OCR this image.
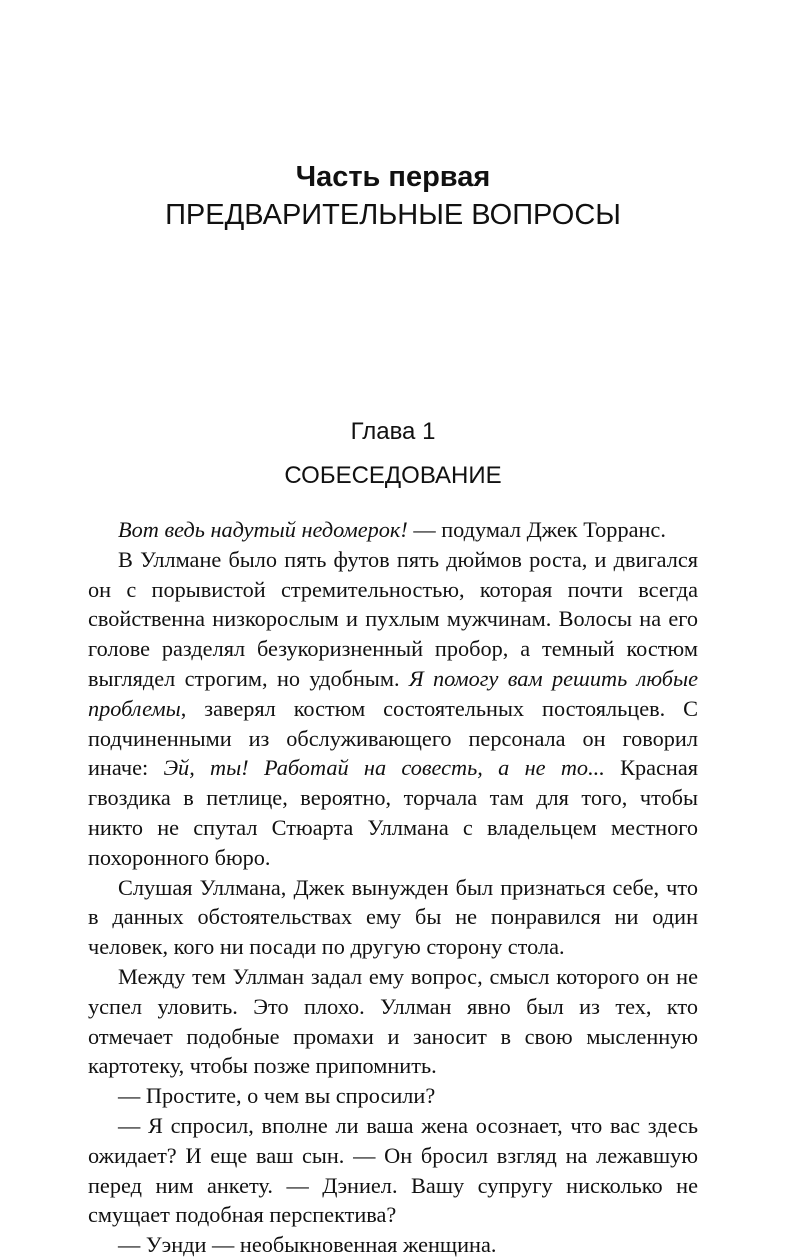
Часть первая

ПРЕДВАРИТЕЛЬНЫЕ ВОПРОСЫ

Глава 1

СОБЕСЕДОВАНИЕ

Вот ведь надутый недомерок! — подумал Джек Торранс.

В Уллмане было пять футов пять дюймов роста, и двигался он с порывистой стремительностью, которая почти всегда свойственна низкорослым и пухлым мужчинам. Волосы на его голове разделял безукоризненный пробор, а темный костюм выглядел строгим, но удобным. Я помогу вам решить любые проблемы, заверял костюм состоятельных постояльцев. С подчиненными из обслуживающего персонала он говорил иначе: Эй, ты! Работай на совесть, а не то... Красная гвоздика в петлице, вероятно, торчала там для того, чтобы никто не спутал Стюарта Уллмана с владельцем местного похоронного бюро.

Слушая Уллмана, Джек вынужден был признаться себе, что в данных обстоятельствах ему бы не понравился ни один человек, кого ни посади по другую сторону стола.

Между тем Уллман задал ему вопрос, смысл которого он не успел уловить. Это плохо. Уллман явно был из тех, кто отмечает подобные промахи и заносит в свою мысленную картотеку, чтобы позже припомнить.

— Простите, о чем вы спросили?

— Я спросил, вполне ли ваша жена осознает, что вас здесь ожидает? И еще ваш сын. — Он бросил взгляд на лежавшую перед ним анкету. — Дэниел. Вашу супругу нисколько не смущает подобная перспектива?

— Уэнди — необыкновенная женщина.
